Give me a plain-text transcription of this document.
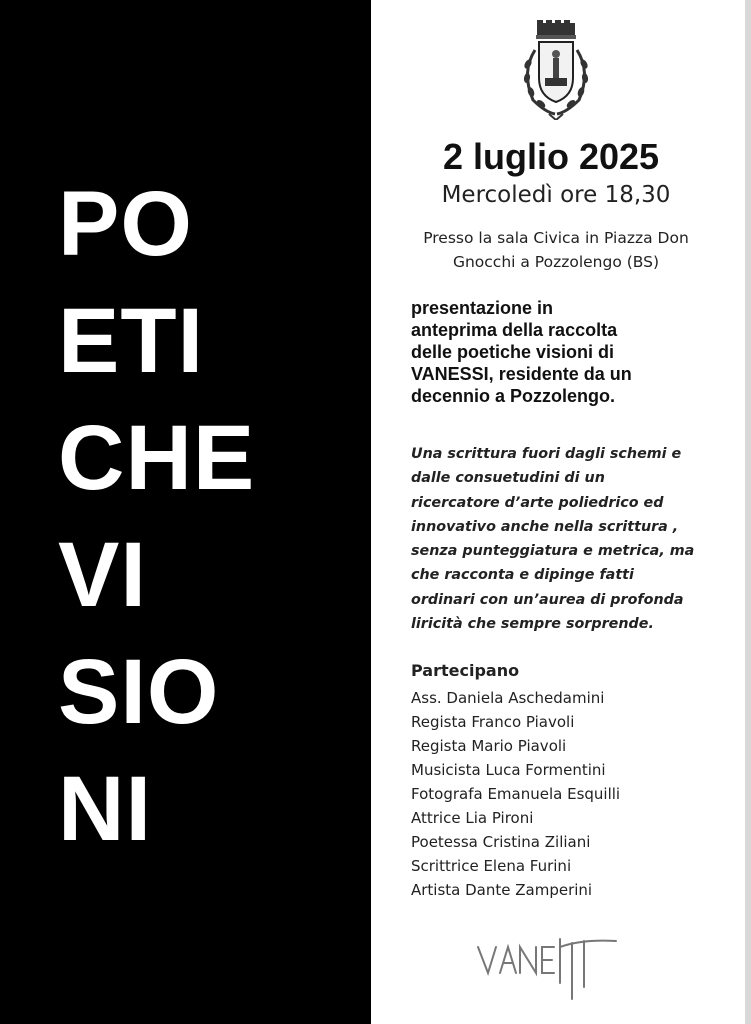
PO
ETI
CHE
VI
SIO
NI
2 luglio 2025

Mercoledì ore 18,30

Presso la sala Civica in Piazza Don
Gnocchi a Pozzolengo (BS)

presentazione in
anteprima della raccolta
delle poetiche visioni di
VANESSI, residente da un
decennio a Pozzolengo.
Una scrittura fuori dagli schemi e
dalle consuetudini di un
ricercatore d’arte poliedrico ed
innovativo anche nella scrittura ,
senza punteggiatura e metrica, ma
che racconta e dipinge fatti
ordinari con un’aurea di profonda
liricità che sempre sorprende.
Partecipano
Ass. Daniela Aschedamini
Regista Franco Piavoli
Regista Mario Piavoli
Musicista Luca Formentini
Fotografa Emanuela Esquilli
Attrice Lia Pironi
Poetessa Cristina Ziliani
Scrittrice Elena Furini
Artista Dante Zamperini
